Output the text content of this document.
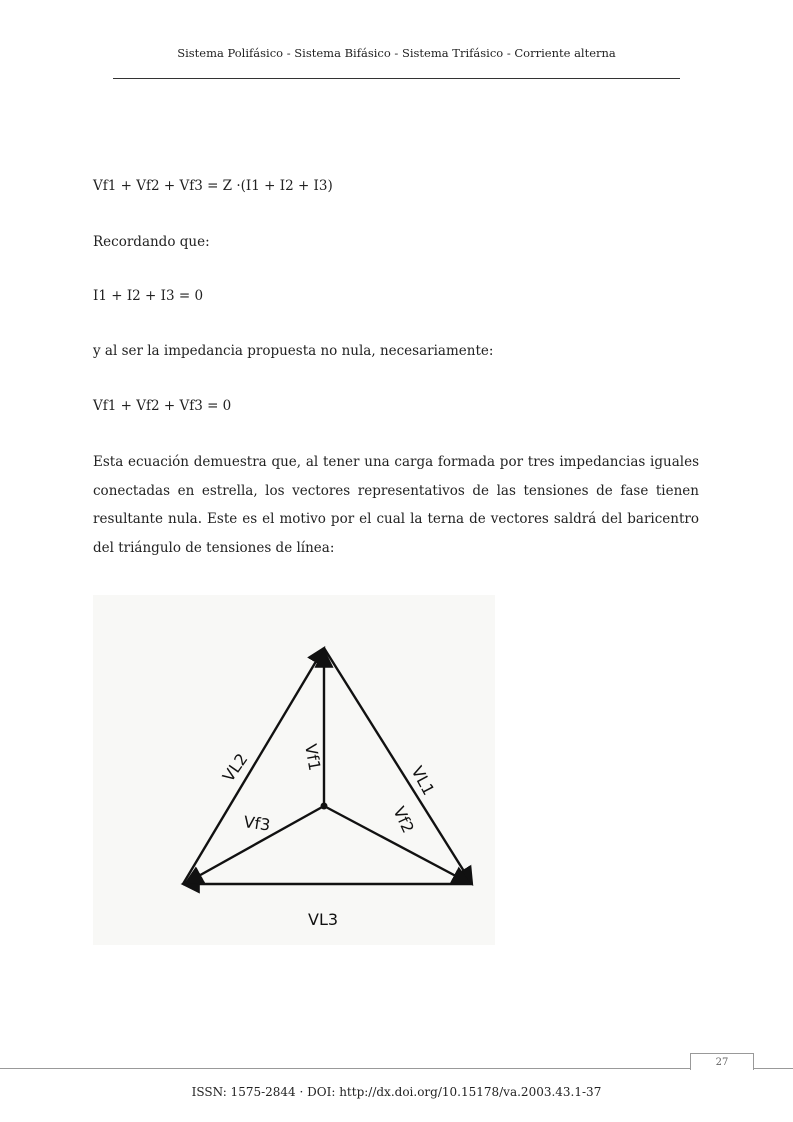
Sistema Polifásico - Sistema Bifásico - Sistema Trifásico - Corriente alterna
Vf1 + Vf2 + Vf3 = Z ·(I1 + I2 + I3)
Recordando que:
I1 + I2 + I3 = 0
y al ser la impedancia propuesta no nula, necesariamente:
Vf1 + Vf2 + Vf3 = 0
Esta ecuación demuestra que, al tener una carga formada por tres impedancias iguales conectadas en estrella, los vectores representativos de las tensiones de fase tienen resultante nula. Este es el motivo por el cual la terna de vectores saldrá del baricentro del triángulo de tensiones de línea:
Vf1
Vf2
Vf3
VL1
VL2
VL3
27
ISSN: 1575-2844 · DOI: http://dx.doi.org/10.15178/va.2003.43.1-37
